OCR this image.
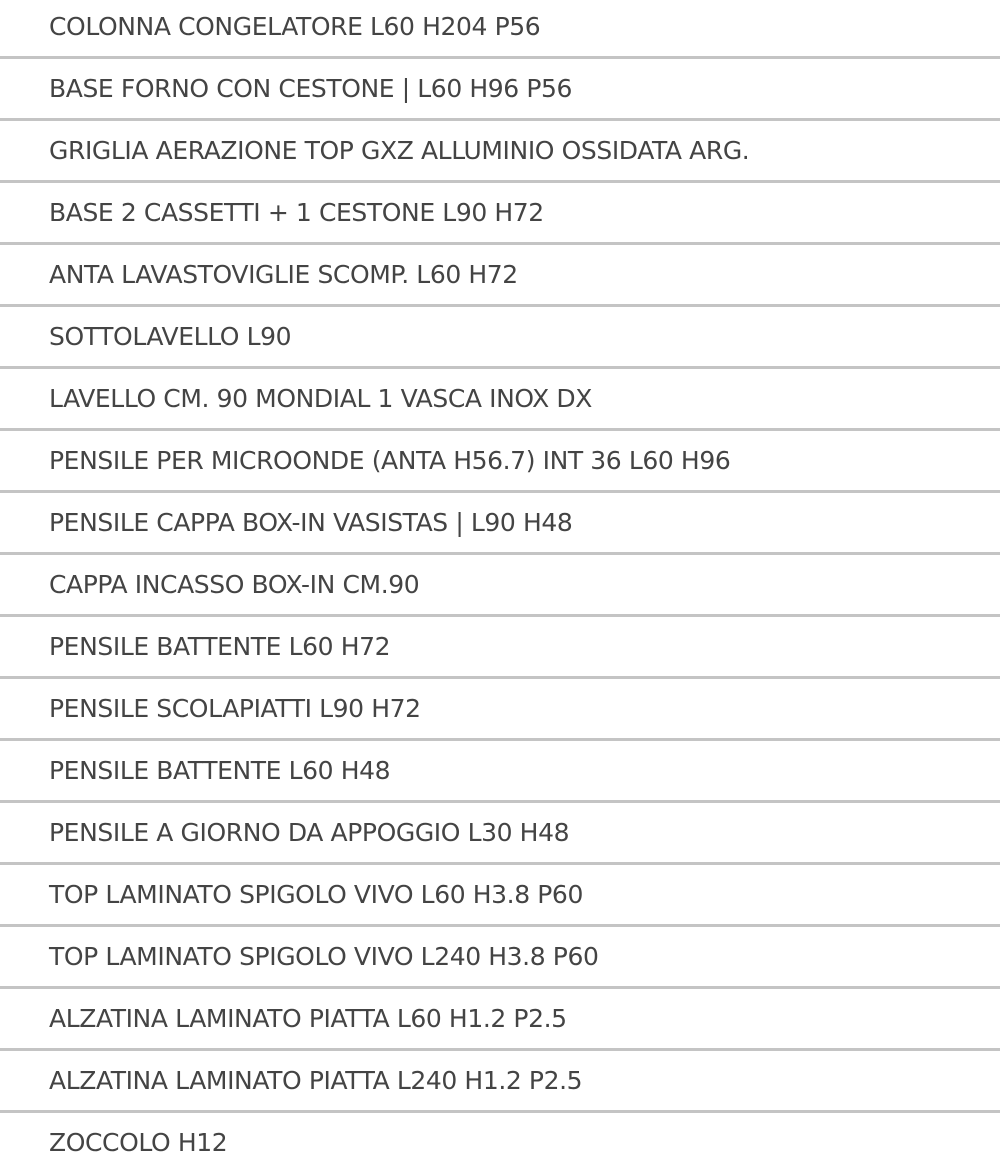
COLONNA CONGELATORE L60 H204 P56
BASE FORNO CON CESTONE | L60 H96 P56
GRIGLIA AERAZIONE TOP GXZ ALLUMINIO OSSIDATA ARG.
BASE 2 CASSETTI + 1 CESTONE L90 H72
ANTA LAVASTOVIGLIE SCOMP. L60 H72
SOTTOLAVELLO L90
LAVELLO CM. 90 MONDIAL 1 VASCA INOX DX
PENSILE PER MICROONDE (ANTA H56.7) INT 36 L60 H96
PENSILE CAPPA BOX-IN VASISTAS | L90 H48
CAPPA INCASSO BOX-IN CM.90
PENSILE BATTENTE L60 H72
PENSILE SCOLAPIATTI L90 H72
PENSILE BATTENTE L60 H48
PENSILE A GIORNO DA APPOGGIO L30 H48
TOP LAMINATO SPIGOLO VIVO L60 H3.8 P60
TOP LAMINATO SPIGOLO VIVO L240 H3.8 P60
ALZATINA LAMINATO PIATTA L60 H1.2 P2.5
ALZATINA LAMINATO PIATTA L240 H1.2 P2.5
ZOCCOLO H12
